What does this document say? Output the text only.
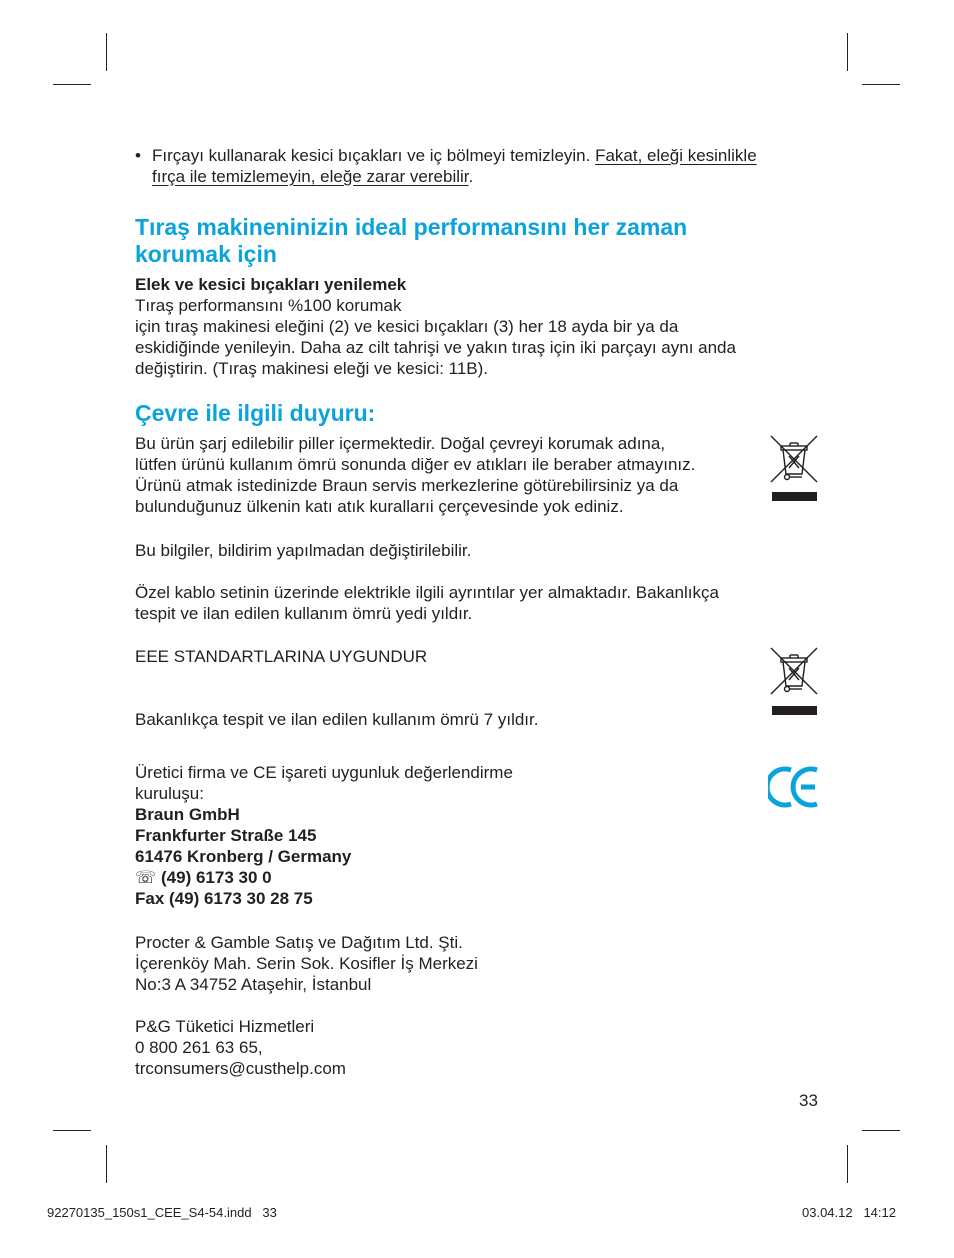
• Fırçayı kullanarak kesici bıçakları ve iç bölmeyi temizleyin. Fakat, eleği kesinlikle
fırça ile temizlemeyin, eleğe zarar verebilir.
Tıraş makineninizin ideal performansını her zaman
korumak için
Elek ve kesici bıçakları yenilemek
Tıraş performansını %100 korumak
için tıraş makinesi eleğini (2) ve kesici bıçakları (3) her 18 ayda bir ya da
eskidiğinde yenileyin. Daha az cilt tahrişi ve yakın tıraş için iki parçayı aynı anda
değiştirin. (Tıraş makinesi eleği ve kesici: 11B).
Çevre ile ilgili duyuru:
Bu ürün şarj edilebilir piller içermektedir. Doğal çevreyi korumak adına,
lütfen ürünü kullanım ömrü sonunda diğer ev atıkları ile beraber atmayınız.
Ürünü atmak istedinizde Braun servis merkezlerine götürebilirsiniz ya da
bulunduğunuz ülkenin katı atık kurallarıi çerçevesinde yok ediniz.
Bu bilgiler, bildirim yapılmadan değiştirilebilir.
Özel kablo setinin üzerinde elektrikle ilgili ayrıntılar yer almaktadır. Bakanlıkça
tespit ve ilan edilen kullanım ömrü yedi yıldır.
EEE STANDARTLARINA UYGUNDUR
Bakanlıkça tespit ve ilan edilen kullanım ömrü 7 yıldır.
Üretici firma ve CE işareti uygunluk değerlendirme
kuruluşu:
Braun GmbH
Frankfurter Straße 145
61476 Kronberg / Germany
☏ (49) 6173 30 0
Fax (49) 6173 30 28 75
Procter & Gamble Satış ve Dağıtım Ltd. Şti.
İçerenköy Mah. Serin Sok. Kosifler İş Merkezi
No:3 A 34752 Ataşehir, İstanbul
P&G Tüketici Hizmetleri
0 800 261 63 65,
trconsumers@custhelp.com
33
92270135_150s1_CEE_S4-54.indd   33	03.04.12   14:12
